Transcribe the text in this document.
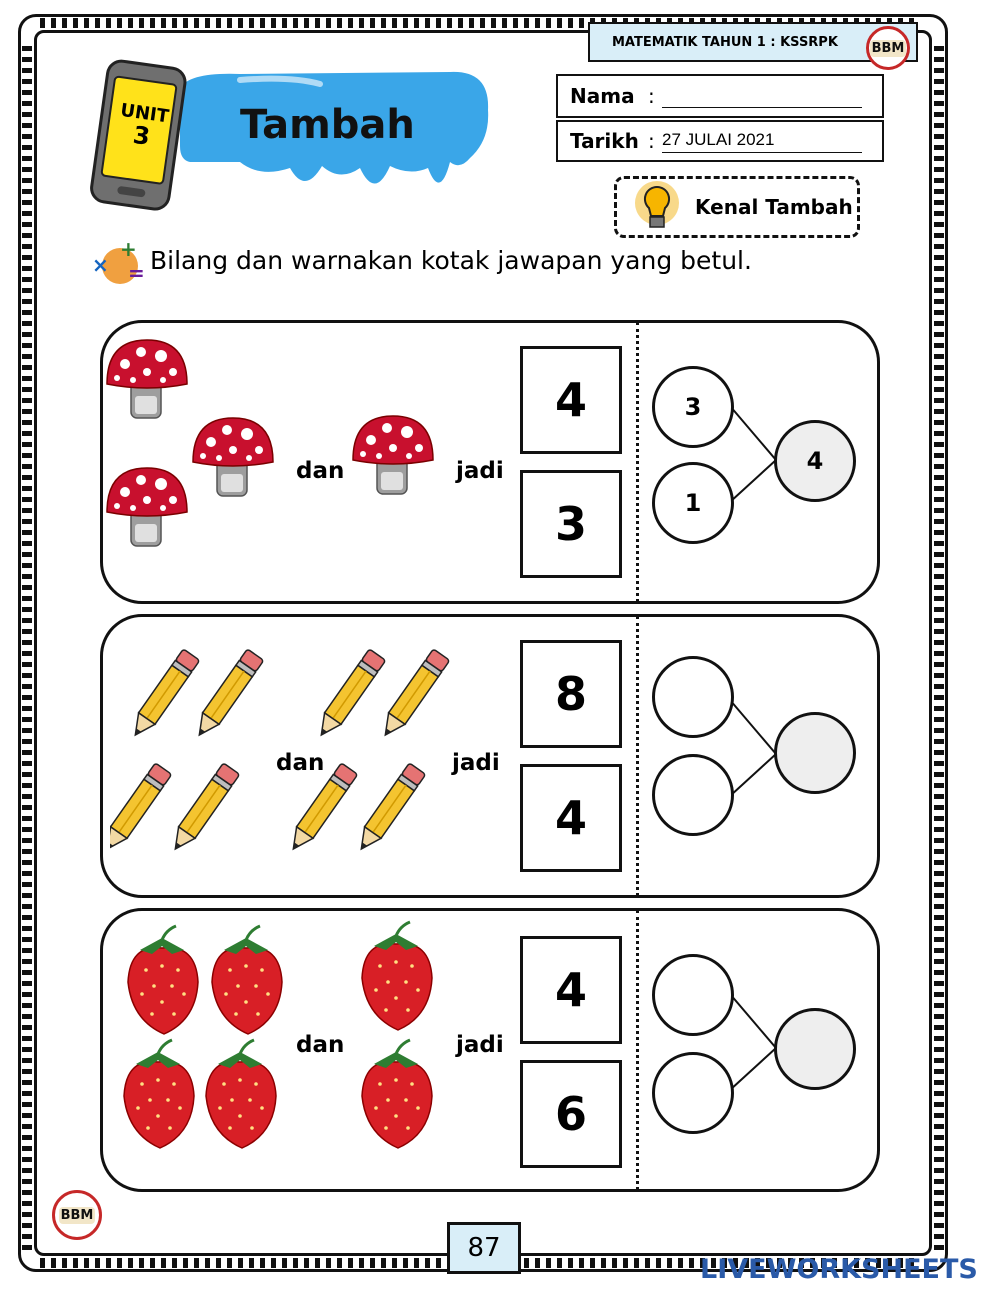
MATEMATIK TAHUN 1 : KSSRPK	BBM
UNIT
3	Tambah
Nama :
Tarikh : 27 JULAI 2021
Kenal Tambah
×
+
= Bilang dan warnakan kotak jawapan yang betul.
dan	jadi
4
3
3
1
4
dan	jadi
8
4
dan	jadi
4
6
BBM
87
LIVEWORKSHEETS
